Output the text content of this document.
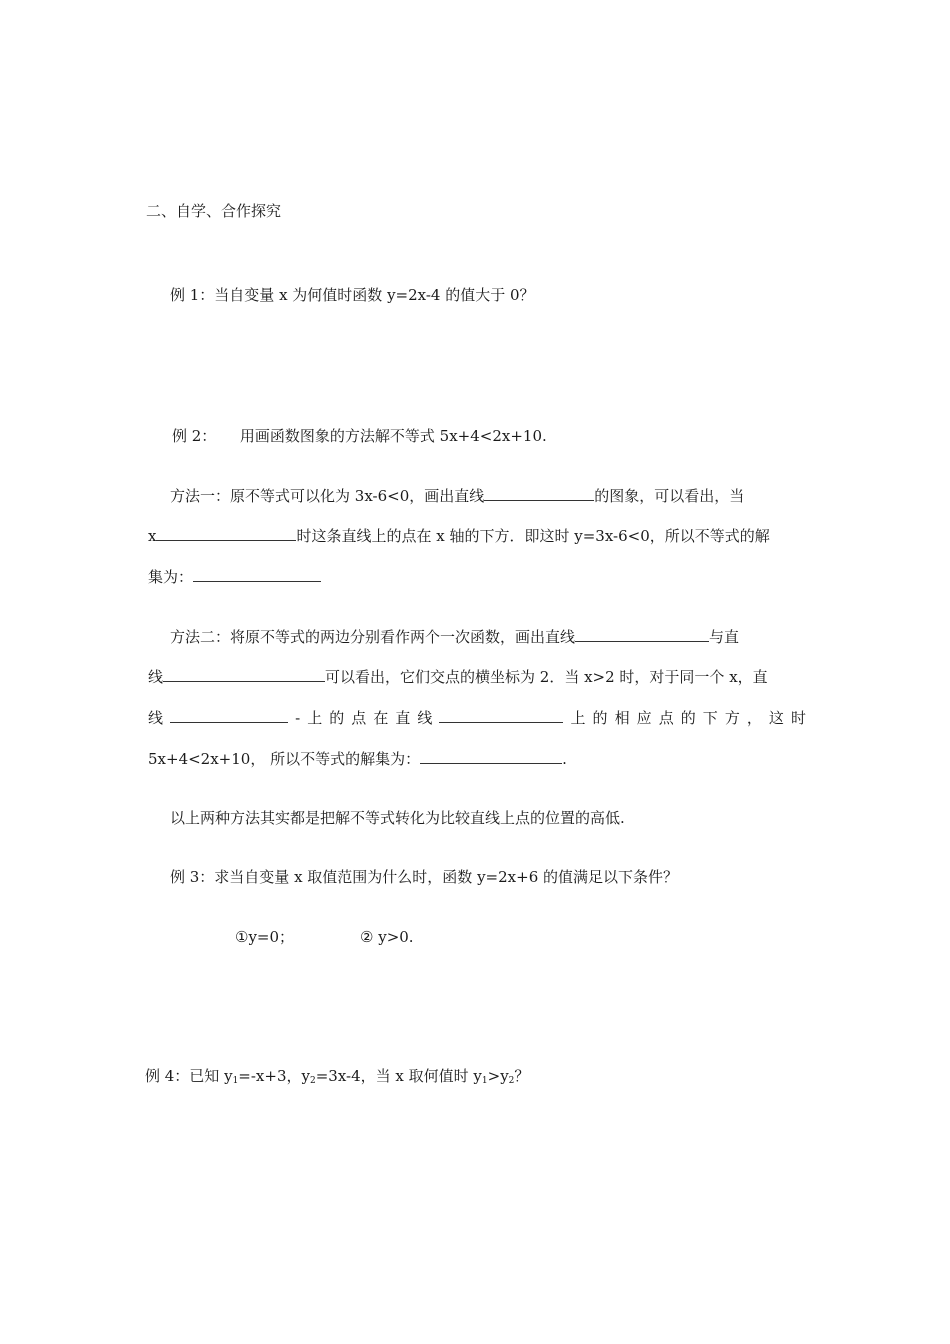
二、自学、合作探究
例 1：当自变量 x 为何值时函数 y=2x-4 的值大于 0？
例 2： 用画函数图象的方法解不等式 5x+4<2x+10.
方法一：原不等式可以化为 3x-6<0，画出直线	的图象，可以看出，当
x	时这条直线上的点在 x 轴的下方．即这时 y=3x-6<0，所以不等式的解
集为：
方法二：将原不等式的两边分别看作两个一次函数，画出直线	与直
线	可以看出，它们交点的横坐标为 2．当 x>2 时，对于同一个 x，直
线	- 上 的 点 在 直 线	上 的 相 应 点 的 下 方 ， 这 时
5x+4<2x+10， 所以不等式的解集为：	.
以上两种方法其实都是把解不等式转化为比较直线上点的位置的高低.
例 3：求当自变量 x 取值范围为什么时，函数 y=2x+6 的值满足以下条件？
①y=0；	② y>0.
例 4：已知 $y_1=-x+3$，$y_2=3x-4$，当 x 取何值时 $y_1>y_2$？
